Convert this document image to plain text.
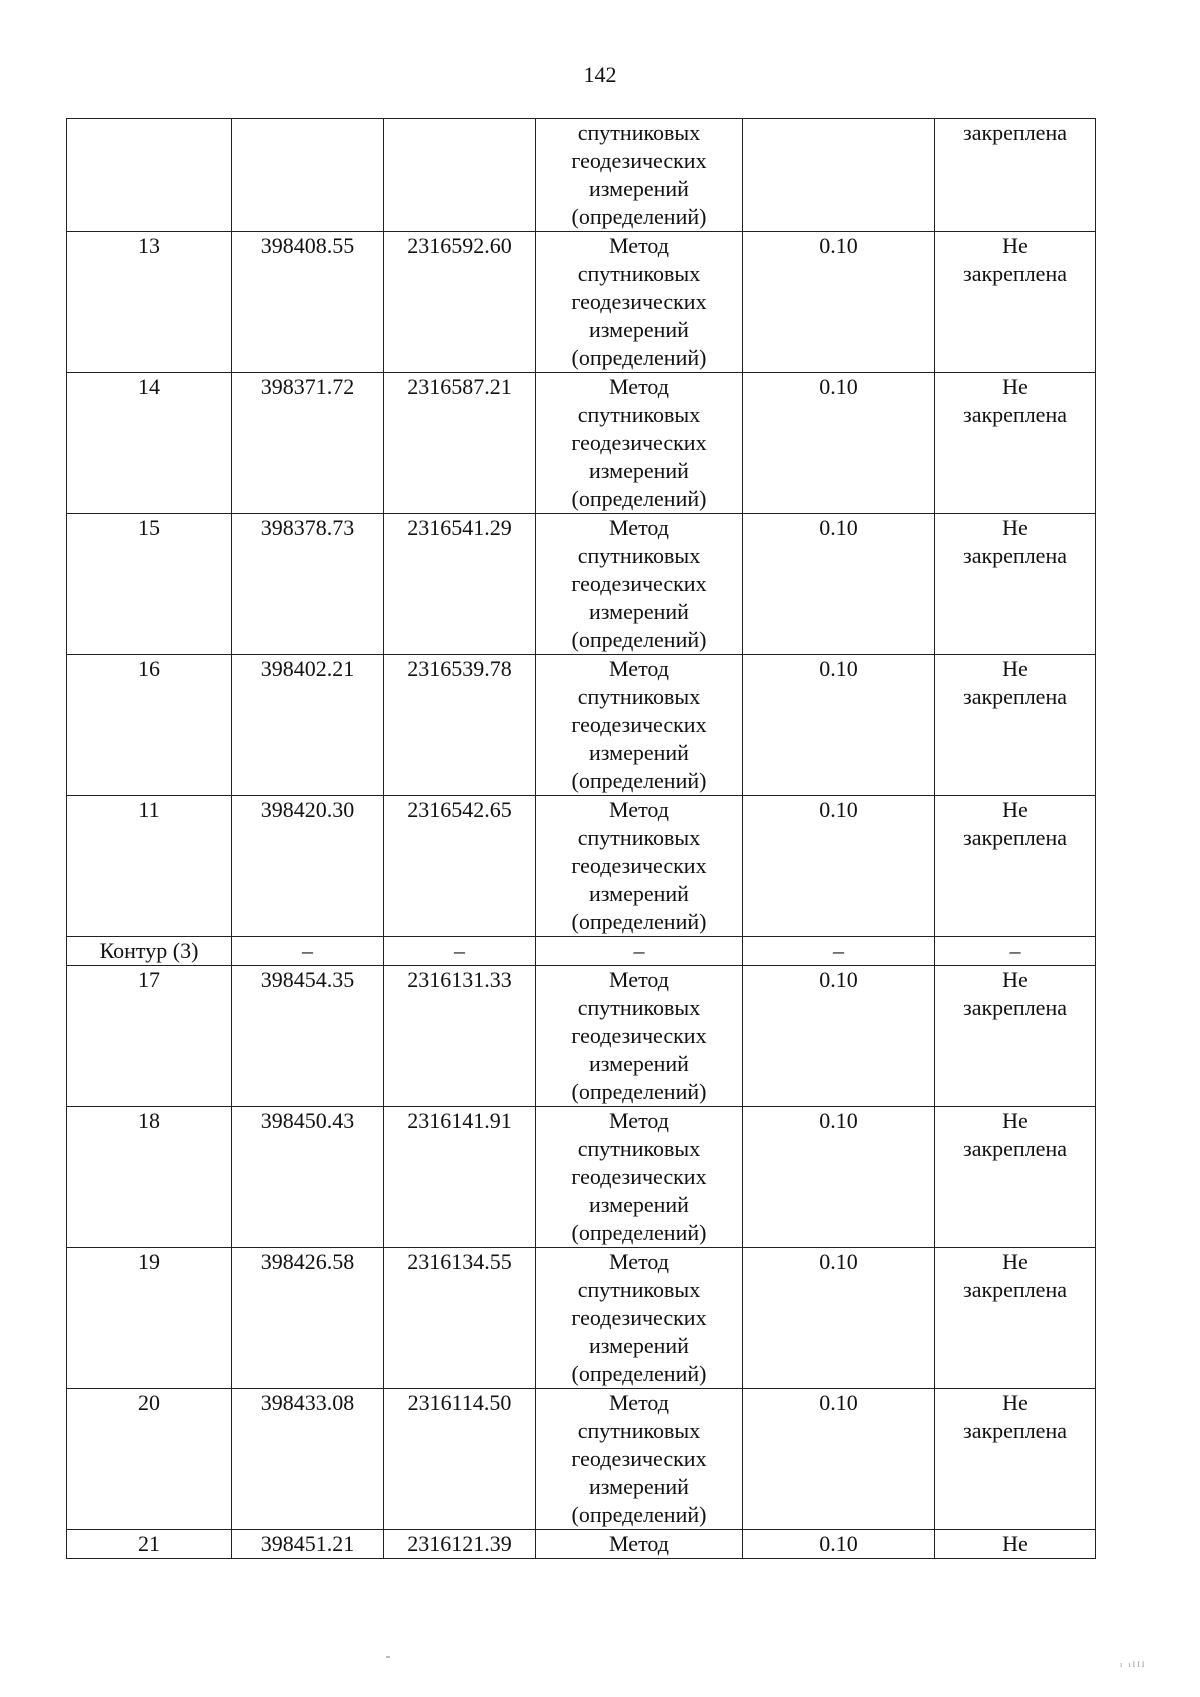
142

			спутниковых
геодезических
измерений
(определений)		закреплена
13	398408.55	2316592.60	Метод
спутниковых
геодезических
измерений
(определений)	0.10	Не
закреплена

14	398371.72	2316587.21	Метод
спутниковых
геодезических
измерений
(определений)	0.10	Не
закреплена

15	398378.73	2316541.29	Метод
спутниковых
геодезических
измерений
(определений)	0.10	Не
закреплена

16	398402.21	2316539.78	Метод
спутниковых
геодезических
измерений
(определений)	0.10	Не
закреплена

11	398420.30	2316542.65	Метод
спутниковых
геодезических
измерений
(определений)	0.10	Не
закреплена

Контур (3)	–	–	–	–	–
17	398454.35	2316131.33	Метод
спутниковых
геодезических
измерений
(определений)	0.10	Не
закреплена

18	398450.43	2316141.91	Метод
спутниковых
геодезических
измерений
(определений)	0.10	Не
закреплена

19	398426.58	2316134.55	Метод
спутниковых
геодезических
измерений
(определений)	0.10	Не
закреплена

20	398433.08	2316114.50	Метод
спутниковых
геодезических
измерений
(определений)	0.10	Не
закреплена

21	398451.21	2316121.39	Метод	0.10	Не
ı ıIII
